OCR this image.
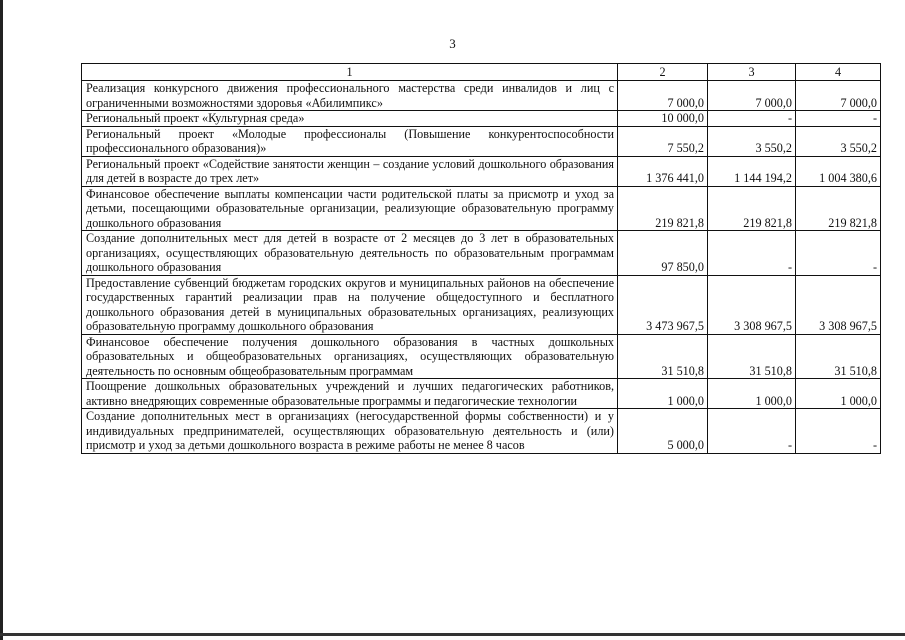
3
1	2	3	4
Реализация конкурсного движения профессионального мастерства среди инвалидов и лиц с ограниченными возможностями здоровья «Абилимпикс»	7 000,0	7 000,0	7 000,0
Региональный проект «Культурная среда»	10 000,0	-	-
Региональный проект «Молодые профессионалы (Повышение конкурентоспособности профессионального образования)»	7 550,2	3 550,2	3 550,2
Региональный проект «Содействие занятости женщин – создание условий дошкольного образования для детей в возрасте до трех лет»	1 376 441,0	1 144 194,2	1 004 380,6
Финансовое обеспечение выплаты компенсации части родительской платы за присмотр и уход за детьми, посещающими образовательные организации, реализующие образовательную программу дошкольного образования	219 821,8	219 821,8	219 821,8
Создание дополнительных мест для детей в возрасте от 2 месяцев до 3 лет в образовательных организациях, осуществляющих образовательную деятельность по образовательным программам дошкольного образования	97 850,0	-	-
Предоставление субвенций бюджетам городских округов и муниципальных районов на обеспечение государственных гарантий реализации прав на получение общедоступного и бесплатного дошкольного образования детей в муниципальных образовательных организациях, реализующих образовательную программу дошкольного образования	3 473 967,5	3 308 967,5	3 308 967,5
Финансовое обеспечение получения дошкольного образования в частных дошкольных образовательных и общеобразовательных организациях, осуществляющих образовательную деятельность по основным общеобразовательным программам	31 510,8	31 510,8	31 510,8
Поощрение дошкольных образовательных учреждений и лучших педагогических работников, активно внедряющих современные образовательные программы и педагогические технологии	1 000,0	1 000,0	1 000,0
Создание дополнительных мест в организациях (негосударственной формы собственности) и у индивидуальных предпринимателей, осуществляющих образовательную деятельность и (или) присмотр и уход за детьми дошкольного возраста в режиме работы не менее 8 часов	5 000,0	-	-
